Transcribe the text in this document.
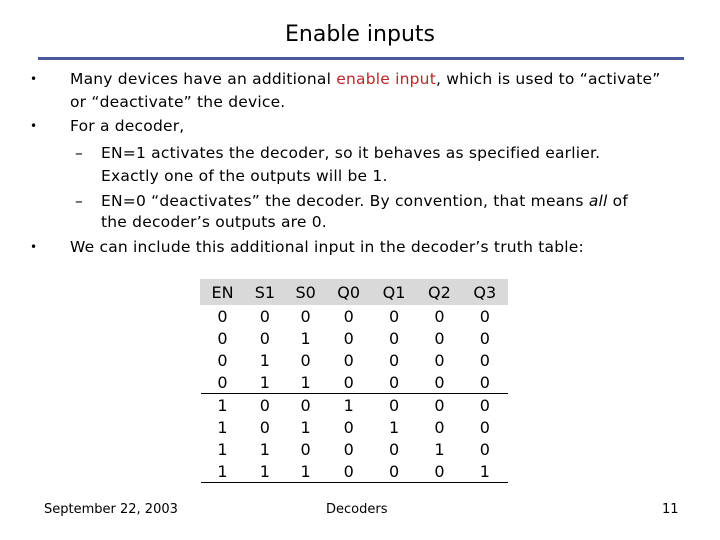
Enable inputs
• Many devices have an additional enable input, which is used to “activate”
or “deactivate” the device.
• For a decoder,
– EN=1 activates the decoder, so it behaves as specified earlier.
Exactly one of the outputs will be 1.
– EN=0 “deactivates” the decoder. By convention, that means all of
the decoder’s outputs are 0.
• We can include this additional input in the decoder’s truth table:
EN	S1	S0	Q0	Q1	Q2	Q3
0	0	0	0	0	0	0
0	0	1	0	0	0	0
0	1	0	0	0	0	0
0	1	1	0	0	0	0
1	0	0	1	0	0	0
1	0	1	0	1	0	0
1	1	0	0	0	1	0
1	1	1	0	0	0	1
September 22, 2003	Decoders	11
